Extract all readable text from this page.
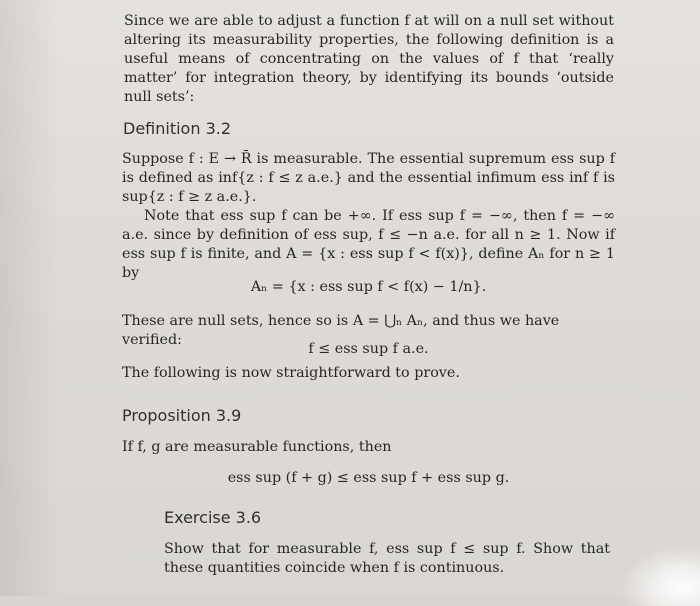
Since we are able to adjust a function f at will on a null set without altering its measurability properties, the following definition is a useful means of concentrating on the values of f that ‘really matter’ for integration theory, by identifying its bounds ‘outside null sets’:
Definition 3.2
Suppose f : E → R̄ is measurable. The essential supremum ess sup f is defined as inf{z : f ≤ z a.e.} and the essential infimum ess inf f is sup{z : f ≥ z a.e.}.
Note that ess sup f can be +∞. If ess sup f = −∞, then f = −∞ a.e. since by definition of ess sup, f ≤ −n a.e. for all n ≥ 1. Now if ess sup f is finite, and A = {x : ess sup f < f(x)}, define Aₙ for n ≥ 1 by
Aₙ = {x : ess sup f < f(x) − 1/n}.
These are null sets, hence so is A = ⋃ₙ Aₙ, and thus we have verified:
f ≤ ess sup f a.e.
The following is now straightforward to prove.
Proposition 3.9
If f, g are measurable functions, then
ess sup (f + g) ≤ ess sup f + ess sup g.
Exercise 3.6
Show that for measurable f, ess sup f ≤ sup f. Show that these quantities coincide when f is continuous.
